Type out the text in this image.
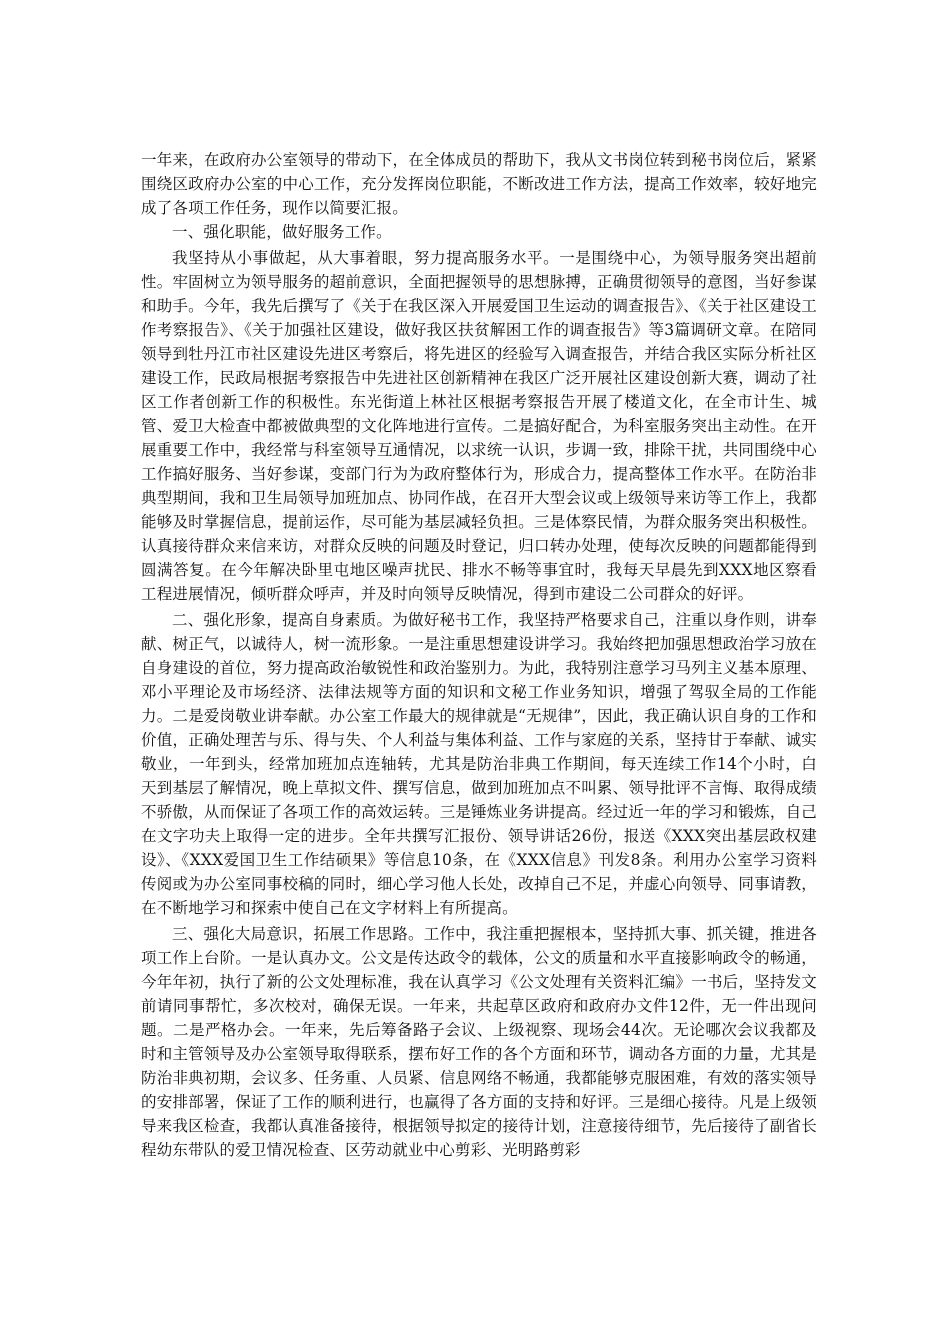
一年来，在政府办公室领导的带动下，在全体成员的帮助下，我从文书岗位转到秘书岗位后，紧紧围绕区政府办公室的中心工作，充分发挥岗位职能，不断改进工作方法，提高工作效率，较好地完成了各项工作任务，现作以简要汇报。

一、强化职能，做好服务工作。

我坚持从小事做起，从大事着眼，努力提高服务水平。一是围绕中心，为领导服务突出超前性。牢固树立为领导服务的超前意识，全面把握领导的思想脉搏，正确贯彻领导的意图，当好参谋和助手。今年，我先后撰写了《关于在我区深入开展爱国卫生运动的调查报告》、《关于社区建设工作考察报告》、《关于加强社区建设，做好我区扶贫解困工作的调查报告》等3篇调研文章。在陪同领导到牡丹江市社区建设先进区考察后，将先进区的经验写入调查报告，并结合我区实际分析社区建设工作，民政局根据考察报告中先进社区创新精神在我区广泛开展社区建设创新大赛，调动了社区工作者创新工作的积极性。东光街道上林社区根据考察报告开展了楼道文化，在全市计生、城管、爱卫大检查中都被做典型的文化阵地进行宣传。二是搞好配合，为科室服务突出主动性。在开展重要工作中，我经常与科室领导互通情况，以求统一认识，步调一致，排除干扰，共同围绕中心工作搞好服务、当好参谋，变部门行为为政府整体行为，形成合力，提高整体工作水平。在防治非典型期间，我和卫生局领导加班加点、协同作战，在召开大型会议或上级领导来访等工作上，我都能够及时掌握信息，提前运作，尽可能为基层减轻负担。三是体察民情，为群众服务突出积极性。认真接待群众来信来访，对群众反映的问题及时登记，归口转办处理，使每次反映的问题都能得到圆满答复。在今年解决卧里屯地区噪声扰民、排水不畅等事宜时，我每天早晨先到XXX地区察看工程进展情况，倾听群众呼声，并及时向领导反映情况，得到市建设二公司群众的好评。

二、强化形象，提高自身素质。为做好秘书工作，我坚持严格要求自己，注重以身作则，讲奉献、树正气，以诚待人，树一流形象。一是注重思想建设讲学习。我始终把加强思想政治学习放在自身建设的首位，努力提高政治敏锐性和政治鉴别力。为此，我特别注意学习马列主义基本原理、邓小平理论及市场经济、法律法规等方面的知识和文秘工作业务知识，增强了驾驭全局的工作能力。二是爱岗敬业讲奉献。办公室工作最大的规律就是“无规律”，因此，我正确认识自身的工作和价值，正确处理苦与乐、得与失、个人利益与集体利益、工作与家庭的关系，坚持甘于奉献、诚实敬业，一年到头，经常加班加点连轴转，尤其是防治非典工作期间，每天连续工作14个小时，白天到基层了解情况，晚上草拟文件、撰写信息，做到加班加点不叫累、领导批评不言悔、取得成绩不骄傲，从而保证了各项工作的高效运转。三是锤炼业务讲提高。经过近一年的学习和锻炼，自己在文字功夫上取得一定的进步。全年共撰写汇报份、领导讲话26份，报送《XXX突出基层政权建设》、《XXX爱国卫生工作结硕果》等信息10条，在《XXX信息》刊发8条。利用办公室学习资料传阅或为办公室同事校稿的同时，细心学习他人长处，改掉自己不足，并虚心向领导、同事请教，在不断地学习和探索中使自己在文字材料上有所提高。

三、强化大局意识，拓展工作思路。工作中，我注重把握根本，坚持抓大事、抓关键，推进各项工作上台阶。一是认真办文。公文是传达政令的载体，公文的质量和水平直接影响政令的畅通，今年年初，执行了新的公文处理标准，我在认真学习《公文处理有关资料汇编》一书后，坚持发文前请同事帮忙，多次校对，确保无误。一年来，共起草区政府和政府办文件12件，无一件出现问题。二是严格办会。一年来，先后筹备路子会议、上级视察、现场会44次。无论哪次会议我都及时和主管领导及办公室领导取得联系，摆布好工作的各个方面和环节，调动各方面的力量，尤其是防治非典初期，会议多、任务重、人员紧、信息网络不畅通，我都能够克服困难，有效的落实领导的安排部署，保证了工作的顺利进行，也赢得了各方面的支持和好评。三是细心接待。凡是上级领导来我区检查，我都认真准备接待，根据领导拟定的接待计划，注意接待细节，先后接待了副省长程幼东带队的爱卫情况检查、区劳动就业中心剪彩、光明路剪彩
